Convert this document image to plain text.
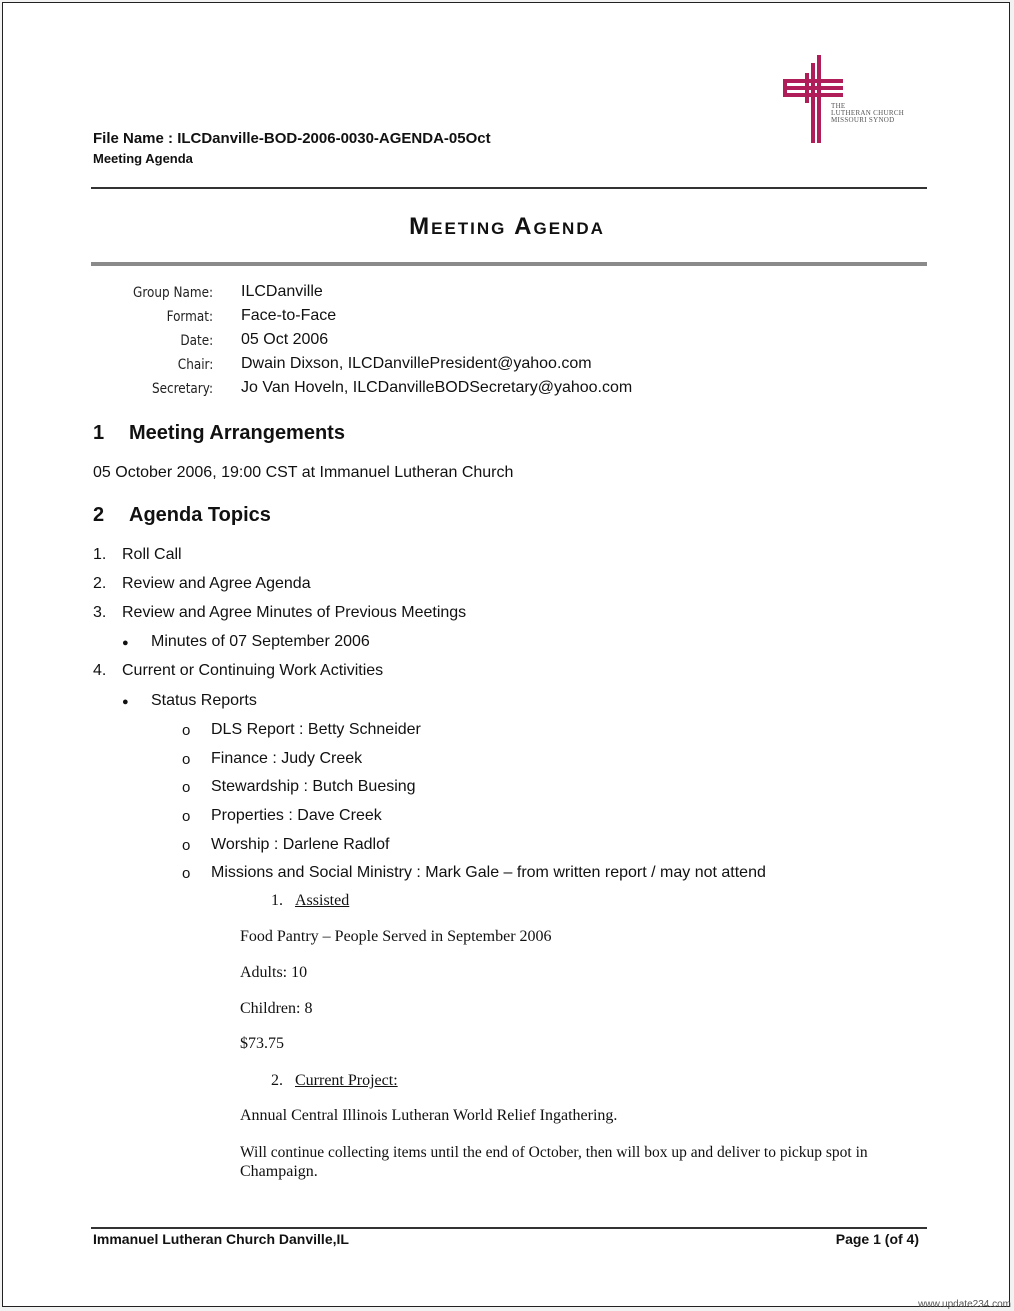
THE
LUTHERAN CHURCH
MISSOURI SYNOD
File Name : ILCDanville-BOD-2006-0030-AGENDA-05Oct
Meeting Agenda
Meeting Agenda
Group Name: ILCDanville
Format: Face-to-Face
Date: 05 Oct 2006
Chair: Dwain Dixson, ILCDanvillePresident@yahoo.com
Secretary: Jo Van Hoveln, ILCDanvilleBODSecretary@yahoo.com
1 Meeting Arrangements
05 October 2006, 19:00 CST at Immanuel Lutheran Church
2 Agenda Topics
1. Roll Call
2. Review and Agree Agenda
3. Review and Agree Minutes of Previous Meetings
● Minutes of 07 September 2006
4. Current or Continuing Work Activities
● Status Reports
o DLS Report : Betty Schneider
o Finance : Judy Creek
o Stewardship : Butch Buesing
o Properties : Dave Creek
o Worship : Darlene Radlof
o Missions and Social Ministry : Mark Gale – from written report / may not attend
1. Assisted
Food Pantry – People Served in September 2006
Adults: 10
Children: 8
$73.75
2. Current Project:
Annual Central Illinois Lutheran World Relief Ingathering.
Will continue collecting items until the end of October, then will box up and deliver to pickup spot in
Champaign.
Immanuel Lutheran Church Danville,IL	Page 1 (of 4)
www.update234.com
